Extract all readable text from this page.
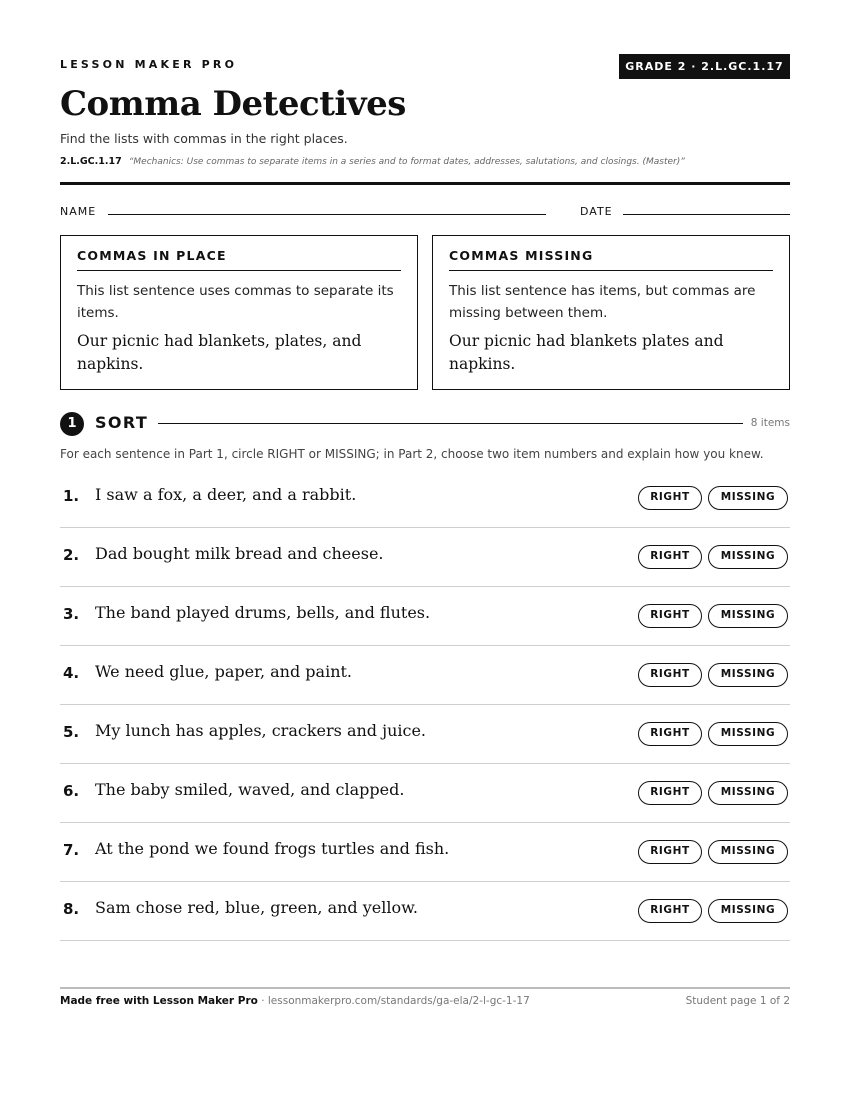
LESSON MAKER PRO	GRADE 2 · 2.L.GC.1.17
Comma Detectives
Find the lists with commas in the right places.
2.L.GC.1.17 “Mechanics: Use commas to separate items in a series and to format dates, addresses, salutations, and closings. (Master)”
NAME	DATE
COMMAS IN PLACE

This list sentence uses commas to separate its items.

Our picnic had blankets, plates, and napkins.

COMMAS MISSING

This list sentence has items, but commas are missing between them.

Our picnic had blankets plates and napkins.

1	SORT	8 items
For each sentence in Part 1, circle RIGHT or MISSING; in Part 2, choose two item numbers and explain how you knew.
1. I saw a fox, a deer, and a rabbit.	RIGHT	MISSING
2. Dad bought milk bread and cheese.	RIGHT	MISSING
3. The band played drums, bells, and flutes.	RIGHT	MISSING
4. We need glue, paper, and paint.	RIGHT	MISSING
5. My lunch has apples, crackers and juice.	RIGHT	MISSING
6. The baby smiled, waved, and clapped.	RIGHT	MISSING
7. At the pond we found frogs turtles and fish.	RIGHT	MISSING
8. Sam chose red, blue, green, and yellow.	RIGHT	MISSING
Made free with Lesson Maker Pro · lessonmakerpro.com/standards/ga-ela/2-l-gc-1-17	Student page 1 of 2
